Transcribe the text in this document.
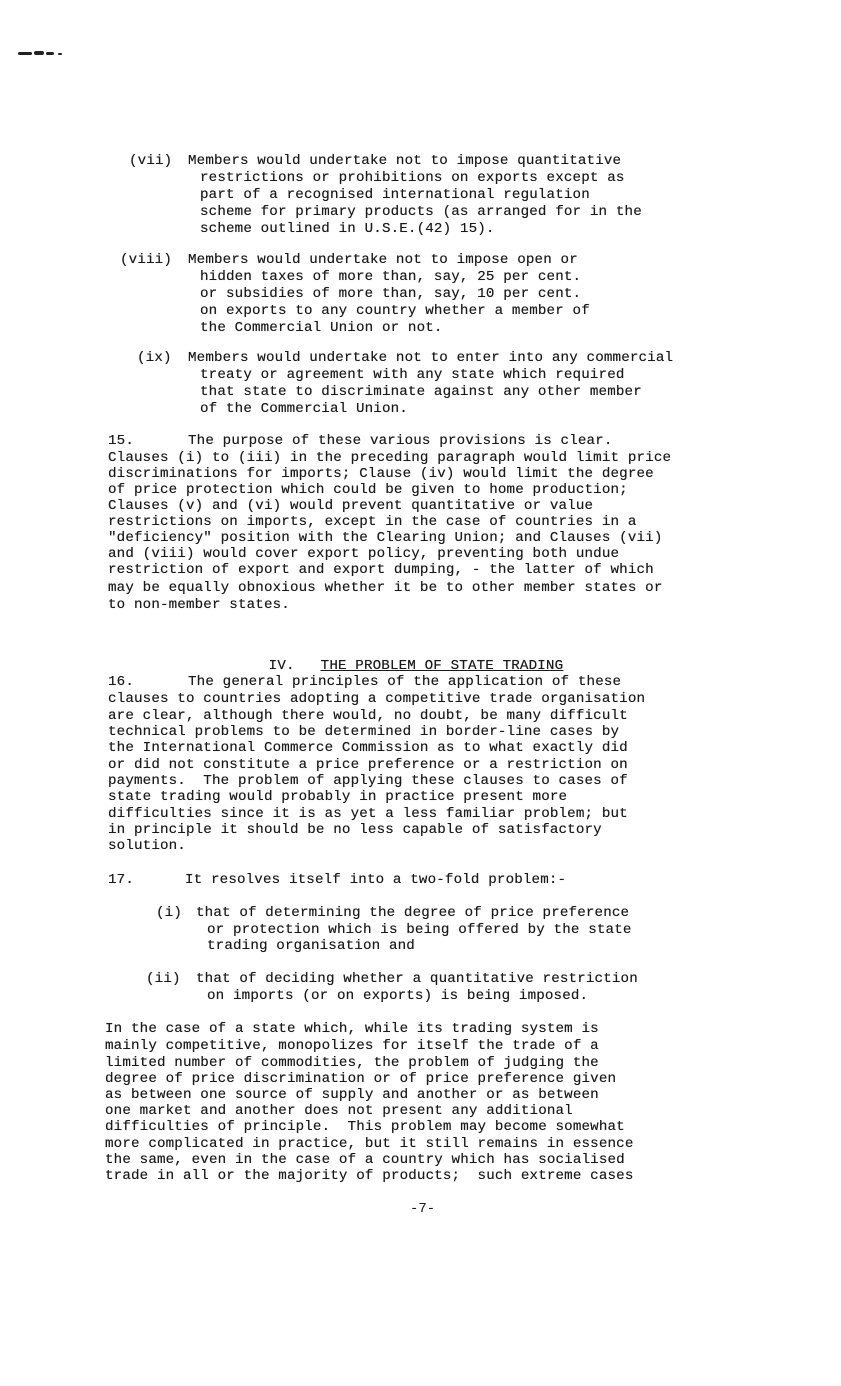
(vii) Members would undertake not to impose quantitative
restrictions or prohibitions on exports except as
part of a recognised international regulation
scheme for primary products (as arranged for in the
scheme outlined in U.S.E.(42) 15).
(viii) Members would undertake not to impose open or
hidden taxes of more than, say, 25 per cent.
or subsidies of more than, say, 10 per cent.
on exports to any country whether a member of
the Commercial Union or not.
(ix) Members would undertake not to enter into any commercial
treaty or agreement with any state which required
that state to discriminate against any other member
of the Commercial Union.
15.	The purpose of these various provisions is clear.
Clauses (i) to (iii) in the preceding paragraph would limit price
discriminations for imports; Clause (iv) would limit the degree
of price protection which could be given to home production;
Clauses (v) and (vi) would prevent quantitative or value
restrictions on imports, except in the case of countries in a
"deficiency" position with the Clearing Union; and Clauses (vii)
and (viii) would cover export policy, preventing both undue
restriction of export and export dumping, - the latter of which
may be equally obnoxious whether it be to other member states or
to non-member states.

IV. THE PROBLEM OF STATE TRADING

16.	The general principles of the application of these
clauses to countries adopting a competitive trade organisation
are clear, although there would, no doubt, be many difficult
technical problems to be determined in border-line cases by
the International Commerce Commission as to what exactly did
or did not constitute a price preference or a restriction on
payments.  The problem of applying these clauses to cases of
state trading would probably in practice present more
difficulties since it is as yet a less familiar problem; but
in principle it should be no less capable of satisfactory
solution.
17.	It resolves itself into a two-fold problem:-
(i) that of determining the degree of price preference
or protection which is being offered by the state
trading organisation and
(ii) that of deciding whether a quantitative restriction
on imports (or on exports) is being imposed.
In the case of a state which, while its trading system is
mainly competitive, monopolizes for itself the trade of a
limited number of commodities, the problem of judging the
degree of price discrimination or of price preference given
as between one source of supply and another or as between
one market and another does not present any additional
difficulties of principle.  This problem may become somewhat
more complicated in practice, but it still remains in essence
the same, even in the case of a country which has socialised
trade in all or the majority of products;  such extreme cases
-7-
